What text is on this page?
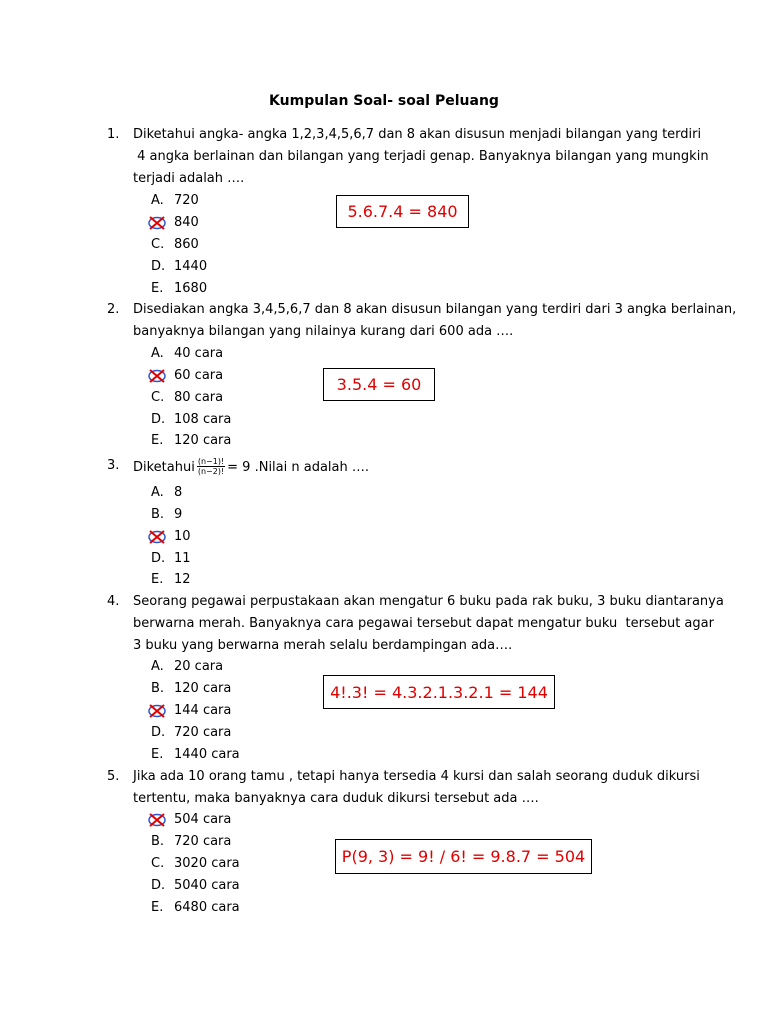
Kumpulan Soal- soal Peluang
1. Diketahui angka- angka 1,2,3,4,5,6,7 dan 8 akan disusun menjadi bilangan yang terdiri
4 angka berlainan dan bilangan yang terjadi genap. Banyaknya bilangan yang mungkin
terjadi adalah ….
A. 720
840
C. 860
D. 1440
E. 1680
5.6.7.4 = 840
2. Disediakan angka 3,4,5,6,7 dan 8 akan disusun bilangan yang terdiri dari 3 angka berlainan,
banyaknya bilangan yang nilainya kurang dari 600 ada ….
A. 40 cara
60 cara
C. 80 cara
D. 108 cara
E. 120 cara
3.5.4 = 60
3. Diketahui $\frac{(n-1)!}{(n-2)!} = 9$ .Nilai n adalah ….
A. 8
B. 9
10
D. 11
E. 12
4. Seorang pegawai perpustakaan akan mengatur 6 buku pada rak buku, 3 buku diantaranya
berwarna merah. Banyaknya cara pegawai tersebut dapat mengatur buku  tersebut agar
3 buku yang berwarna merah selalu berdampingan ada….
A. 20 cara
B. 120 cara
144 cara
D. 720 cara
E. 1440 cara
4!.3! = 4.3.2.1.3.2.1 = 144
5. Jika ada 10 orang tamu , tetapi hanya tersedia 4 kursi dan salah seorang duduk dikursi
tertentu, maka banyaknya cara duduk dikursi tersebut ada ….
504 cara
B. 720 cara
C. 3020 cara
D. 5040 cara
E. 6480 cara
P(9, 3) = 9! / 6! = 9.8.7 = 504
